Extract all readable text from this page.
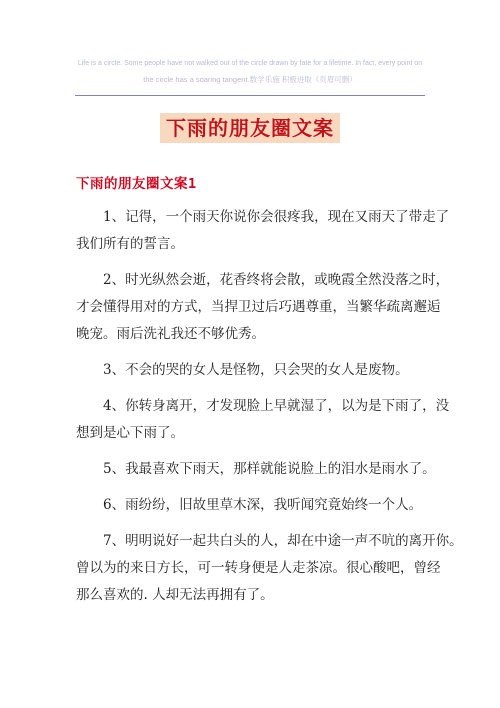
Life is a circle. Some people have not walked out of the circle drawn by fate for a lifetime. In fact, every point on
the circle has a soaring tangent.数学乐施 积极进取（页眉可删）
下雨的朋友圈文案
下雨的朋友圈文案1
1、记得，一个雨天你说你会很疼我，现在又雨天了带走了
我们所有的誓言。
2、时光纵然会逝，花香终将会散，或晚霞全然没落之时，
才会懂得用对的方式，当捍卫过后巧遇尊重，当繁华疏离邂逅
晚宠。雨后洗礼我还不够优秀。
3、不会的哭的女人是怪物，只会哭的女人是废物。
4、你转身离开，才发现脸上早就湿了，以为是下雨了，没
想到是心下雨了。
5、我最喜欢下雨天，那样就能说脸上的泪水是雨水了。
6、雨纷纷，旧故里草木深，我听闻究竟始终一个人。
7、明明说好一起共白头的人，却在中途一声不吭的离开你。
曾以为的来日方长，可一转身便是人走茶凉。很心酸吧，曾经
那么喜欢的. 人却无法再拥有了。
